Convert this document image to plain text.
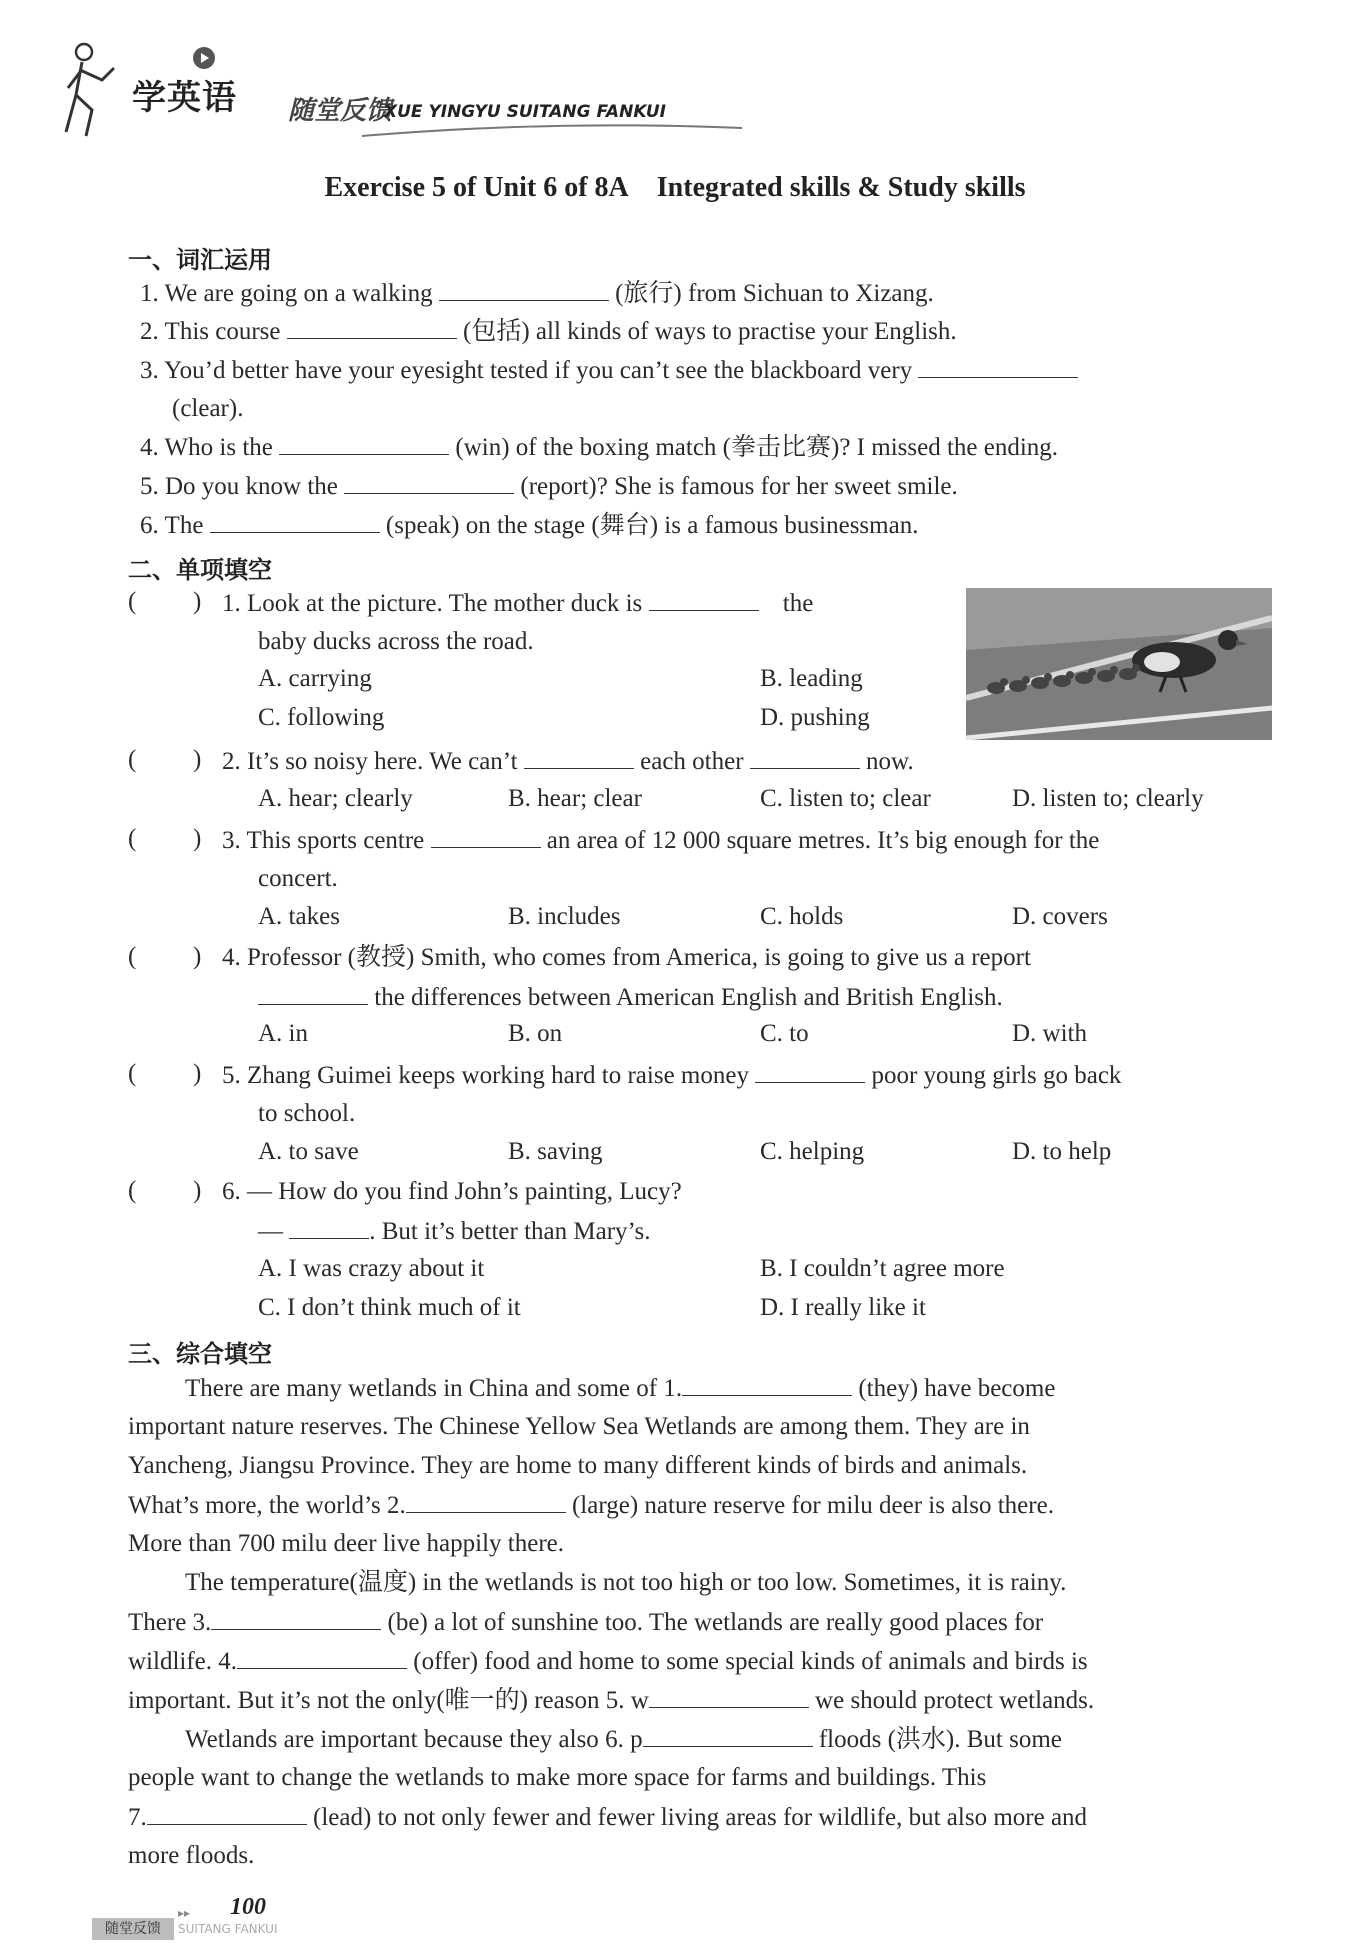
学英语 随堂反馈
XUE YINGYU SUITANG FANKUI
Exercise 5 of Unit 6 of 8A Integrated skills & Study skills
一、词汇运用
1. We are going on a walking	(旅行) from Sichuan to Xizang.
2. This course	(包括) all kinds of ways to practise your English.
3. You’d better have your eyesight tested if you can’t see the blackboard very
(clear).
4. Who is the	(win) of the boxing match (拳击比赛)? I missed the ending.
5. Do you know the	(report)? She is famous for her sweet smile.
6. The	(speak) on the stage (舞台) is a famous businessman.
二、单项填空
( ) 1. Look at the picture. The mother duck is	the
baby ducks across the road.
A. carrying	B. leading
C. following	D. pushing
( ) 2. It’s so noisy here. We can’t	each other	now.
A. hear; clearly	B. hear; clear	C. listen to; clear	D. listen to; clearly
( ) 3. This sports centre	an area of 12 000 square metres. It’s big enough for the
concert.
A. takes	B. includes	C. holds	D. covers
( ) 4. Professor (教授) Smith, who comes from America, is going to give us a report
the differences between American English and British English.
A. in	B. on	C. to	D. with
( ) 5. Zhang Guimei keeps working hard to raise money	poor young girls go back
to school.
A. to save	B. saving	C. helping	D. to help
( ) 6. — How do you find John’s painting, Lucy?
—	. But it’s better than Mary’s.
A. I was crazy about it	B. I couldn’t agree more
C. I don’t think much of it	D. I really like it
三、综合填空
There are many wetlands in China and some of 1.	(they) have become
important nature reserves. The Chinese Yellow Sea Wetlands are among them. They are in
Yancheng, Jiangsu Province. They are home to many different kinds of birds and animals.
What’s more, the world’s 2.	(large) nature reserve for milu deer is also there.
More than 700 milu deer live happily there.
The temperature(温度) in the wetlands is not too high or too low. Sometimes, it is rainy.
There 3.	(be) a lot of sunshine too. The wetlands are really good places for
wildlife. 4.	(offer) food and home to some special kinds of animals and birds is
important. But it’s not the only(唯一的) reason 5. w	we should protect wetlands.
Wetlands are important because they also 6. p	floods (洪水). But some
people want to change the wetlands to make more space for farms and buildings. This
7.	(lead) to not only fewer and fewer living areas for wildlife, but also more and
more floods.
▸▸ 100
随堂反馈	SUITANG FANKUI
